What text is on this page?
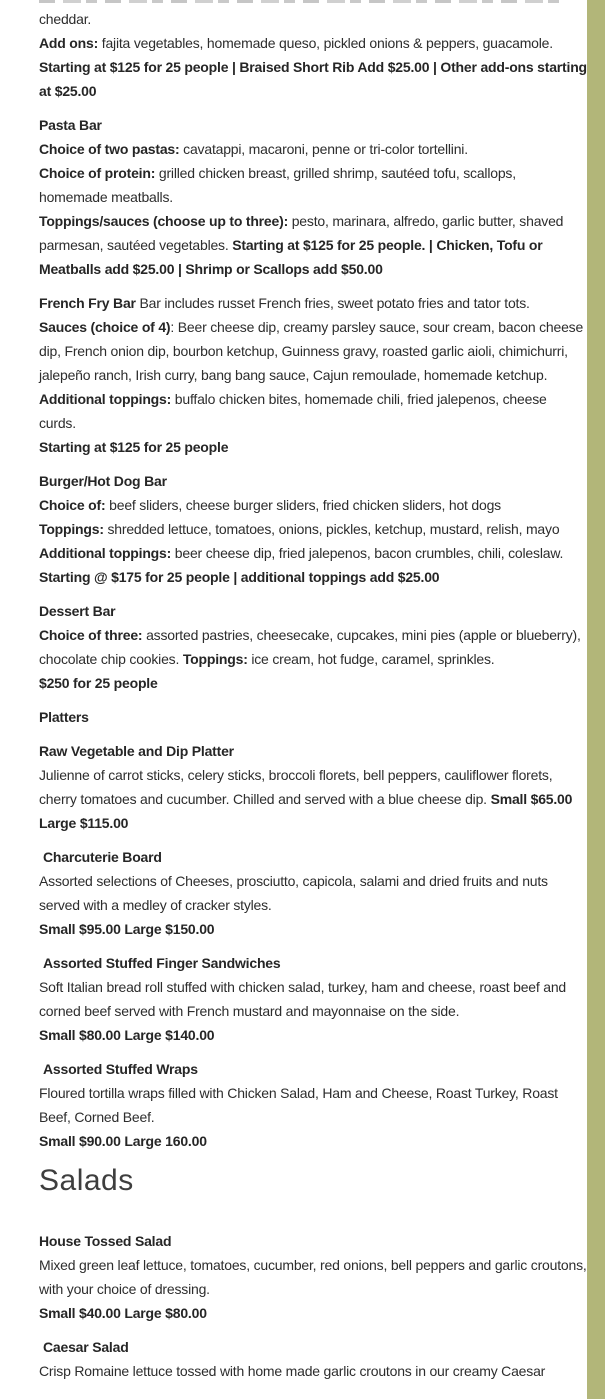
cheddar.
Add ons: fajita vegetables, homemade queso, pickled onions & peppers, guacamole.
Starting at $125 for 25 people | Braised Short Rib Add $25.00 | Other add-ons starting at $25.00
Pasta Bar
Choice of two pastas: cavatappi, macaroni, penne or tri-color tortellini.
Choice of protein: grilled chicken breast, grilled shrimp, sautéed tofu, scallops, homemade meatballs.
Toppings/sauces (choose up to three): pesto, marinara, alfredo, garlic butter, shaved parmesan, sautéed vegetables. Starting at $125 for 25 people. | Chicken, Tofu or Meatballs add $25.00 | Shrimp or Scallops add $50.00
French Fry Bar Bar includes russet French fries, sweet potato fries and tator tots.
Sauces (choice of 4): Beer cheese dip, creamy parsley sauce, sour cream, bacon cheese dip, French onion dip, bourbon ketchup, Guinness gravy, roasted garlic aioli, chimichurri, jalepeño ranch, Irish curry, bang bang sauce, Cajun remoulade, homemade ketchup.
Additional toppings: buffalo chicken bites, homemade chili, fried jalepenos, cheese curds.
Starting at $125 for 25 people
Burger/Hot Dog Bar
Choice of: beef sliders, cheese burger sliders, fried chicken sliders, hot dogs
Toppings: shredded lettuce, tomatoes, onions, pickles, ketchup, mustard, relish, mayo
Additional toppings: beer cheese dip, fried jalepenos, bacon crumbles, chili, coleslaw.
Starting @ $175 for 25 people | additional toppings add $25.00
Dessert Bar
Choice of three: assorted pastries, cheesecake, cupcakes, mini pies (apple or blueberry), chocolate chip cookies. Toppings: ice cream, hot fudge, caramel, sprinkles.
$250 for 25 people
Platters
Raw Vegetable and Dip Platter
Julienne of carrot sticks, celery sticks, broccoli florets, bell peppers, cauliflower florets, cherry tomatoes and cucumber. Chilled and served with a blue cheese dip. Small $65.00 Large $115.00
Charcuterie Board
Assorted selections of Cheeses, prosciutto, capicola, salami and dried fruits and nuts served with a medley of cracker styles.
Small $95.00 Large $150.00
Assorted Stuffed Finger Sandwiches
Soft Italian bread roll stuffed with chicken salad, turkey, ham and cheese, roast beef and corned beef served with French mustard and mayonnaise on the side.
Small $80.00 Large $140.00
Assorted Stuffed Wraps
Floured tortilla wraps filled with Chicken Salad, Ham and Cheese, Roast Turkey, Roast Beef, Corned Beef.
Small $90.00 Large 160.00
Salads
House Tossed Salad
Mixed green leaf lettuce, tomatoes, cucumber, red onions, bell peppers and garlic croutons, with your choice of dressing.
Small $40.00 Large $80.00
Caesar Salad
Crisp Romaine lettuce tossed with home made garlic croutons in our creamy Caesar
